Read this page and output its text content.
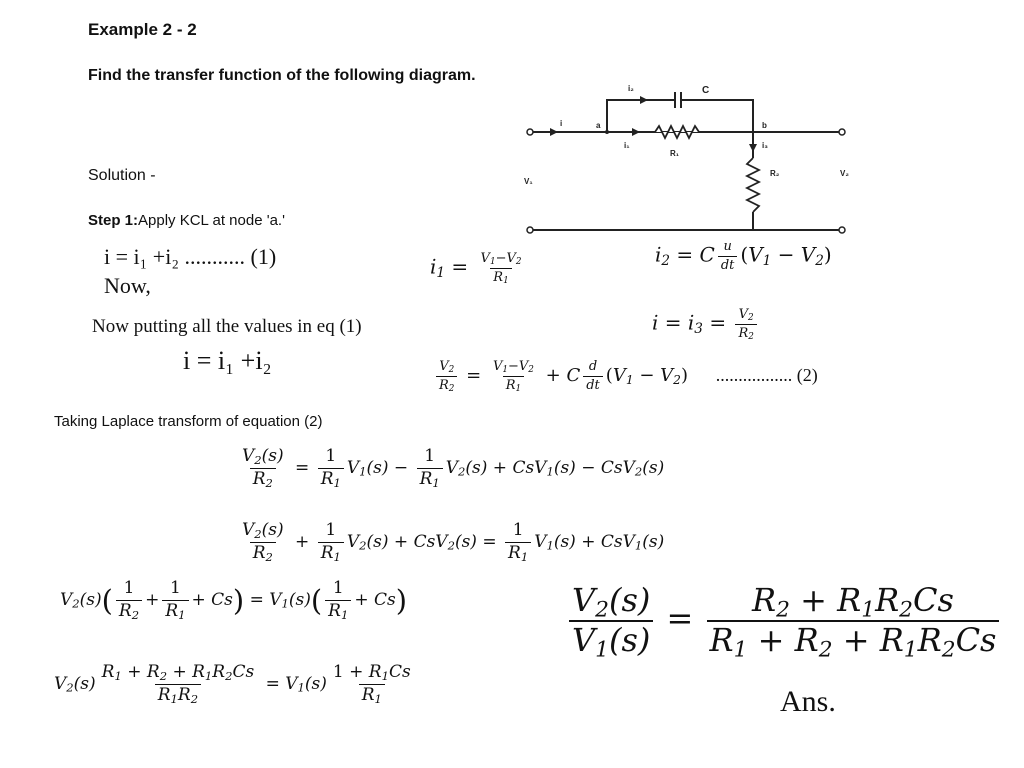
Example 2 - 2
Find the transfer function of the following diagram.
Solution -
Step 1:Apply KCL at node 'a.'
i	a	b
C
i₂
i₁
R₁
i₃
R₂
V₁
V₂
i = i₁ +i₂ ........... (1)
Now,
$i_1 = \frac{V_1-V_2}{R_1}$	$i_2 = C \frac{u}{dt} (V_1 - V_2)$
Now putting all the values in eq (1)	$i = i_3 = \frac{V_2}{R_2}$
i = i₁ +i₂	$\frac{V_2}{R_2} = \frac{V_1-V_2}{R_1} + C \frac{d}{dt} (V_1 - V_2)$ ................. (2)
Taking Laplace transform of equation (2)
$\frac{V_2(s)}{R_2} = \frac{1}{R_1} V_1(s) - \frac{1}{R_1} V_2(s) + CsV_1(s) - CsV_2(s)$
$\frac{V_2(s)}{R_2} + \frac{1}{R_1} V_2(s) + CsV_2(s) = \frac{1}{R_1} V_1(s) + CsV_1(s)$
$V_2(s)( \frac{1}{R_2} + \frac{1}{R_1} + Cs) = V_1(s)( \frac{1}{R_1} + Cs)$
$V_2(s) \frac{R_1 + R_2 + R_1R_2Cs}{R_1R_2} = V_1(s) \frac{1 + R_1Cs}{R_1}$
$\frac{V_2(s)}{V_1(s)} = \frac{R_2 + R_1R_2Cs}{R_1 + R_2 + R_1R_2Cs}$
Ans.
